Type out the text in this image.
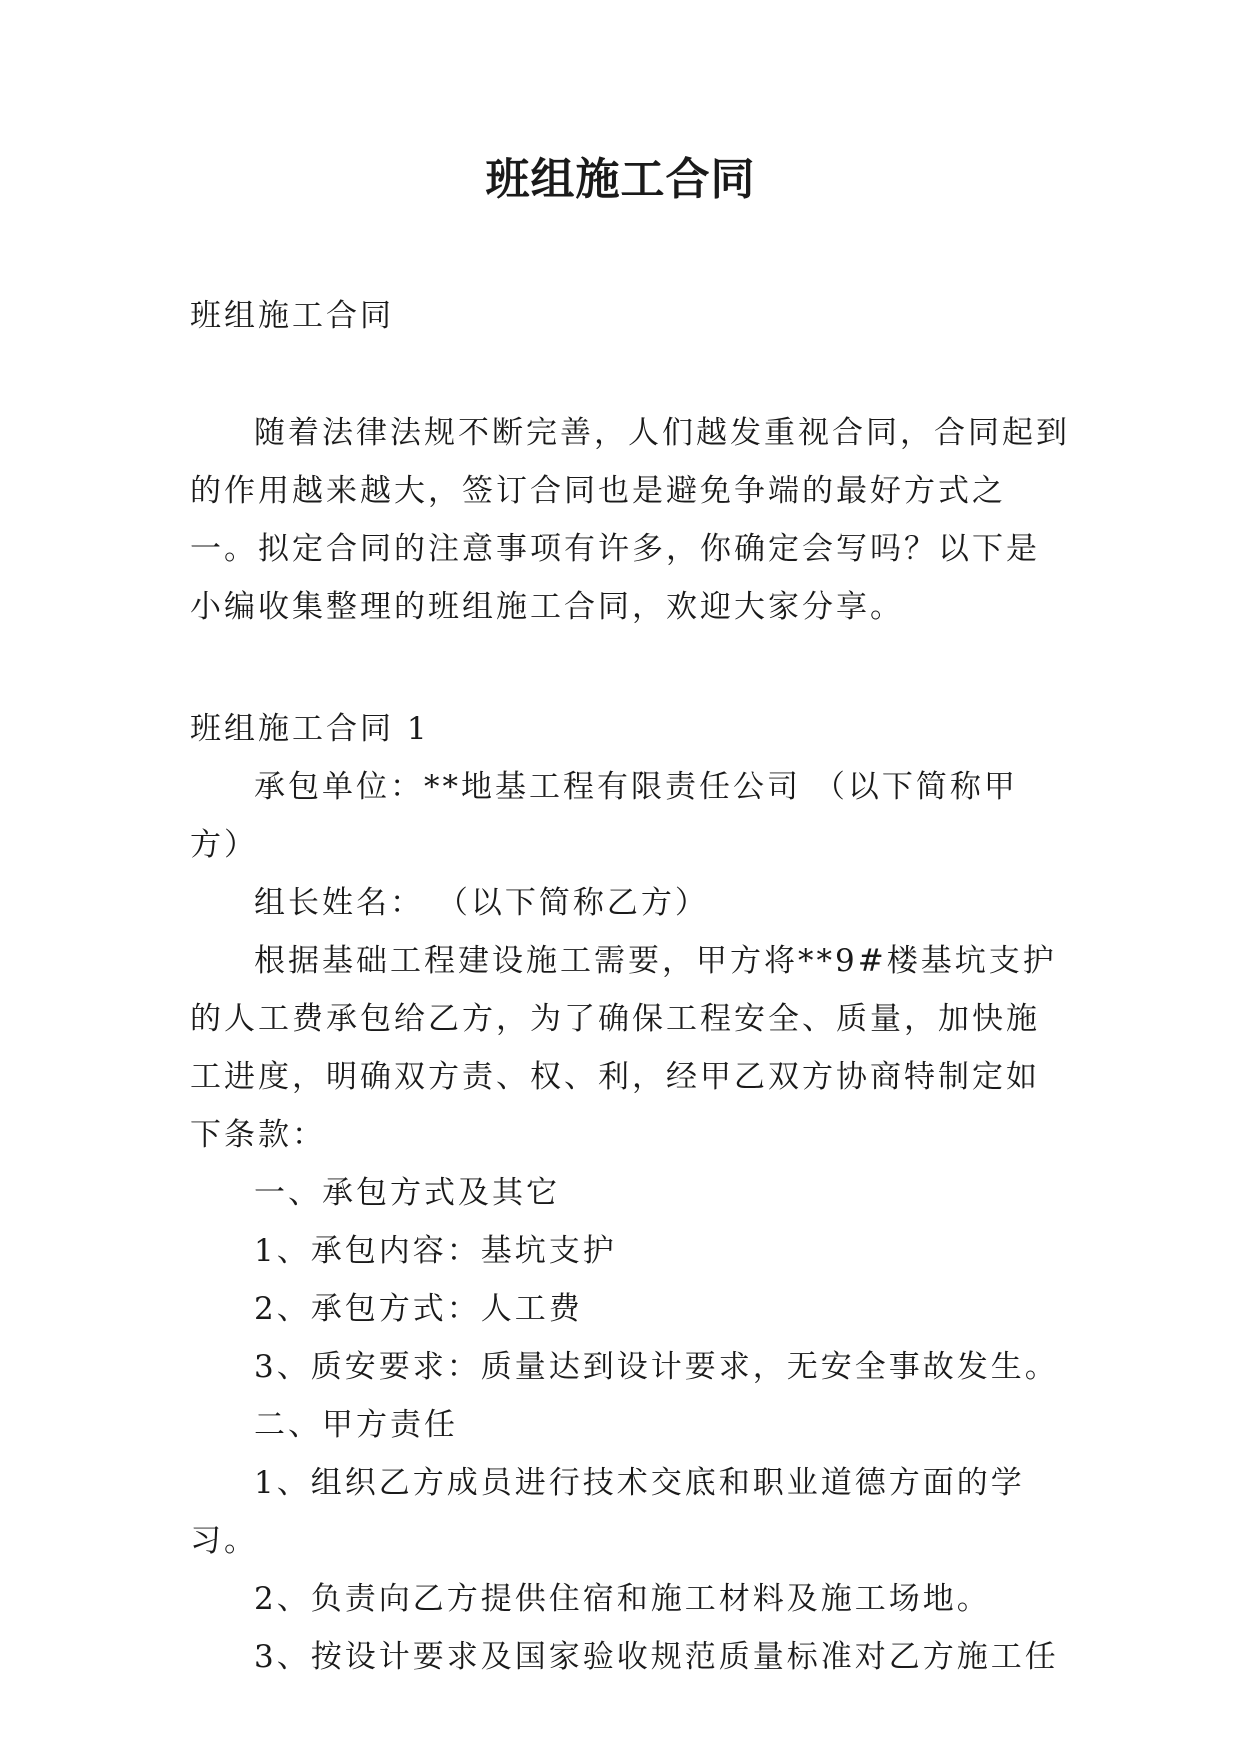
班组施工合同

班组施工合同

随着法律法规不断完善，人们越发重视合同，合同起到的作用越来越大，签订合同也是避免争端的最好方式之一。拟定合同的注意事项有许多，你确定会写吗？以下是小编收集整理的班组施工合同，欢迎大家分享。

班组施工合同 1

承包单位：**地基工程有限责任公司 （以下简称甲方）

组长姓名： （以下简称乙方）

根据基础工程建设施工需要，甲方将**9#楼基坑支护的人工费承包给乙方，为了确保工程安全、质量，加快施工进度，明确双方责、权、利，经甲乙双方协商特制定如下条款：

一、承包方式及其它

1、承包内容：基坑支护

2、承包方式：人工费

3、质安要求：质量达到设计要求，无安全事故发生。

二、甲方责任

1、组织乙方成员进行技术交底和职业道德方面的学习。

2、负责向乙方提供住宿和施工材料及施工场地。

3、按设计要求及国家验收规范质量标准对乙方施工任
